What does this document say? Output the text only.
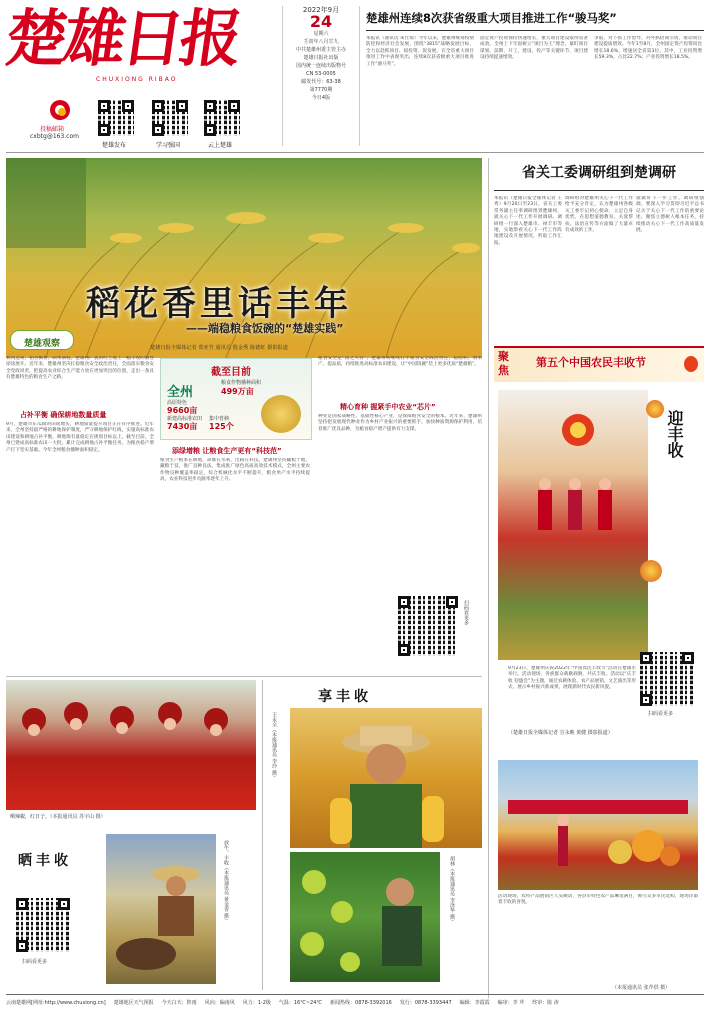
楚雄日报
CHUXIONG RIBAO
投稿邮箱
cxbtg@163.com
楚雄发布	学习强国	云上楚雄
2022年9月
24
星期六
壬寅年八月廿九
中共楚雄州委主管主办
楚雄日报社出版
国内统一连续出版物号
CN 53-0005
邮发代号：63-38
第7770期
今日4版
楚雄州连续8次获省级重大项目推进工作“骏马奖”
本报讯（通讯员 朱仕瑞）今年以来，楚雄州统筹疫情防控和经济社会发展，围绕“3815”战略发展目标，全力以赴抓项目、稳投资、促发展，在全省重大项目推进工作中表现突出，连续8次获省级重大项目推进工作“骏马奖”。
固定资产投资保持快速增长，重大项目建设取得显著成效。全州上下牢固树立“项目为王”理念，紧盯项目谋划、前期、开工、建设、投产等关键环节，项目建设持续提速增效。
争取、对下抓工作督导，对外抓招商引资，推动项目建设提质增效。今年1至8月，全州固定资产投资同比增长18.6%，增速居全省第3位。其中，工业投资增长59.3%，占比22.7%；产业投资增长18.5%。
稻花香里话丰年
——端稳粮食饭碗的“楚雄实践”
楚雄观察	楚雄日报全媒体记者 郑亚竹 通讯员 殷金秀 陈德虹 摄影报道
秋风送爽，稻谷飘香，硕果满枝。楚雄州广袤的红土地上一幅丰收的画卷徐徐展开。近年来，楚雄州坚决扛稳粮食安全政治责任，全面落实粮食安全党政同责，把提高农业综合生产能力放在更加突出的位置，走出一条具有楚雄特色的粮食生产之路。
占补平衡 确保耕地数量质量
9月，楚雄市东瓜镇的田间地头，耕地质量提升项目正在有序推进。近年来，全州坚持最严格的耕地保护制度，严守耕地保护红线，实施高标准农田建设和耕地占补平衡，耕地保有量稳定在规划目标以上。截至目前，全州已建成高标准农田一大批，累计完成耕地占补平衡任务，为粮食稳产增产打下坚实基础。今年全州粮食播种面积稳定。
截至目前
全州
粮食作物播种面积
499万亩
高原特色
9660亩
新建高标准农田
7430亩
集中育秧
125个
添绿增粮 让粮食生产更有“科技范”
粮食生产根本在耕地，命脉在水利，出路在科技。楚雄州坚持藏粮于地、藏粮于技，推广良种良法，集成推广绿色高质高效技术模式，全州主要农作物良种覆盖率稳定，综合机械化水平不断提升，粮食单产水平持续提高，农业科技进步贡献率逐年上升。
粮食安全是“国之大者”。楚雄州将继续扛牢粮食安全政治责任，稳面积、增单产、提品质，持续推进高标准农田建设，让“中国饭碗”装上更多优质“楚雄粮”。
精心育种 握紧手中农业“芯片”
种业是国家战略性、基础性核心产业，是保障粮食安全的根本。近年来，楚雄州坚持把发展现代种业作为乡村产业振兴的重要抓手，加快种质资源保护利用，培育推广优良品种，为粮食稳产增产提供有力支撑。
扫码看更多
省关工委调研组到楚调研
本报讯（楚雄日报全媒体记者 王秀）9月20日至23日，省关工委常务副主任率调研组到楚雄州，就关心下一代工作开展调研。调研组一行深入楚雄市、禄丰市等地，实地察看关心下一代工作阵地建设及开展情况，听取工作汇报。
调研组对楚雄州关心下一代工作给予充分肯定，认为楚雄州各级关工委牢记初心使命，立足自身优势，在思想道德教育、关爱帮扶、法治宣传等方面做了大量卓有成效的工作。
就做好下一步工作，调研组强调，要深入学习贯彻习近平总书记关于关心下一代工作的重要论述，聚焦立德树人根本任务，持续推动关心下一代工作高质量发展。
聚焦
第五个中国农民丰收节
迎丰收
扫码看更多
9月23日，楚雄州庆祝2022年“中国农民丰收节”活动在楚雄市举行。活动现场，各族群众载歌载舞，共庆丰收。活动以“庆丰收 迎盛会”为主题，通过农耕体验、农产品展销、文艺演出等形式，展示乡村振兴新成果，展现新时代农民新风貌。
（楚雄日报全媒体记者 宣永映 黄健 摄影报道）
活动现场，农特产品展销区人头攒动，各县市特色农产品琳琅满目，吸引众多市民选购，现场洋溢着丰收的喜悦。
（本报通讯员 张芹供 摄）
晒辣椒，红日子。（本报通讯员 苏宇山 摄）
享丰收
王永全（本报通讯员 李玲 摄）
胡林（本报通讯员 李泽华 摄）
晒丰收
扫码看更多
放牛，丰收（本报通讯员 黄金香 摄）
云南楚雄网[网址:http://www.chuxiong.cn] 楚雄地区天气预报 今天白天：阵雨 风向：偏南风 风力：1-2级 气温：16℃~24℃ 新闻热线：0878-3392016 发行：0878-3393447 编辑：李霞霞 编审：李 芹 终审：陈 涛
